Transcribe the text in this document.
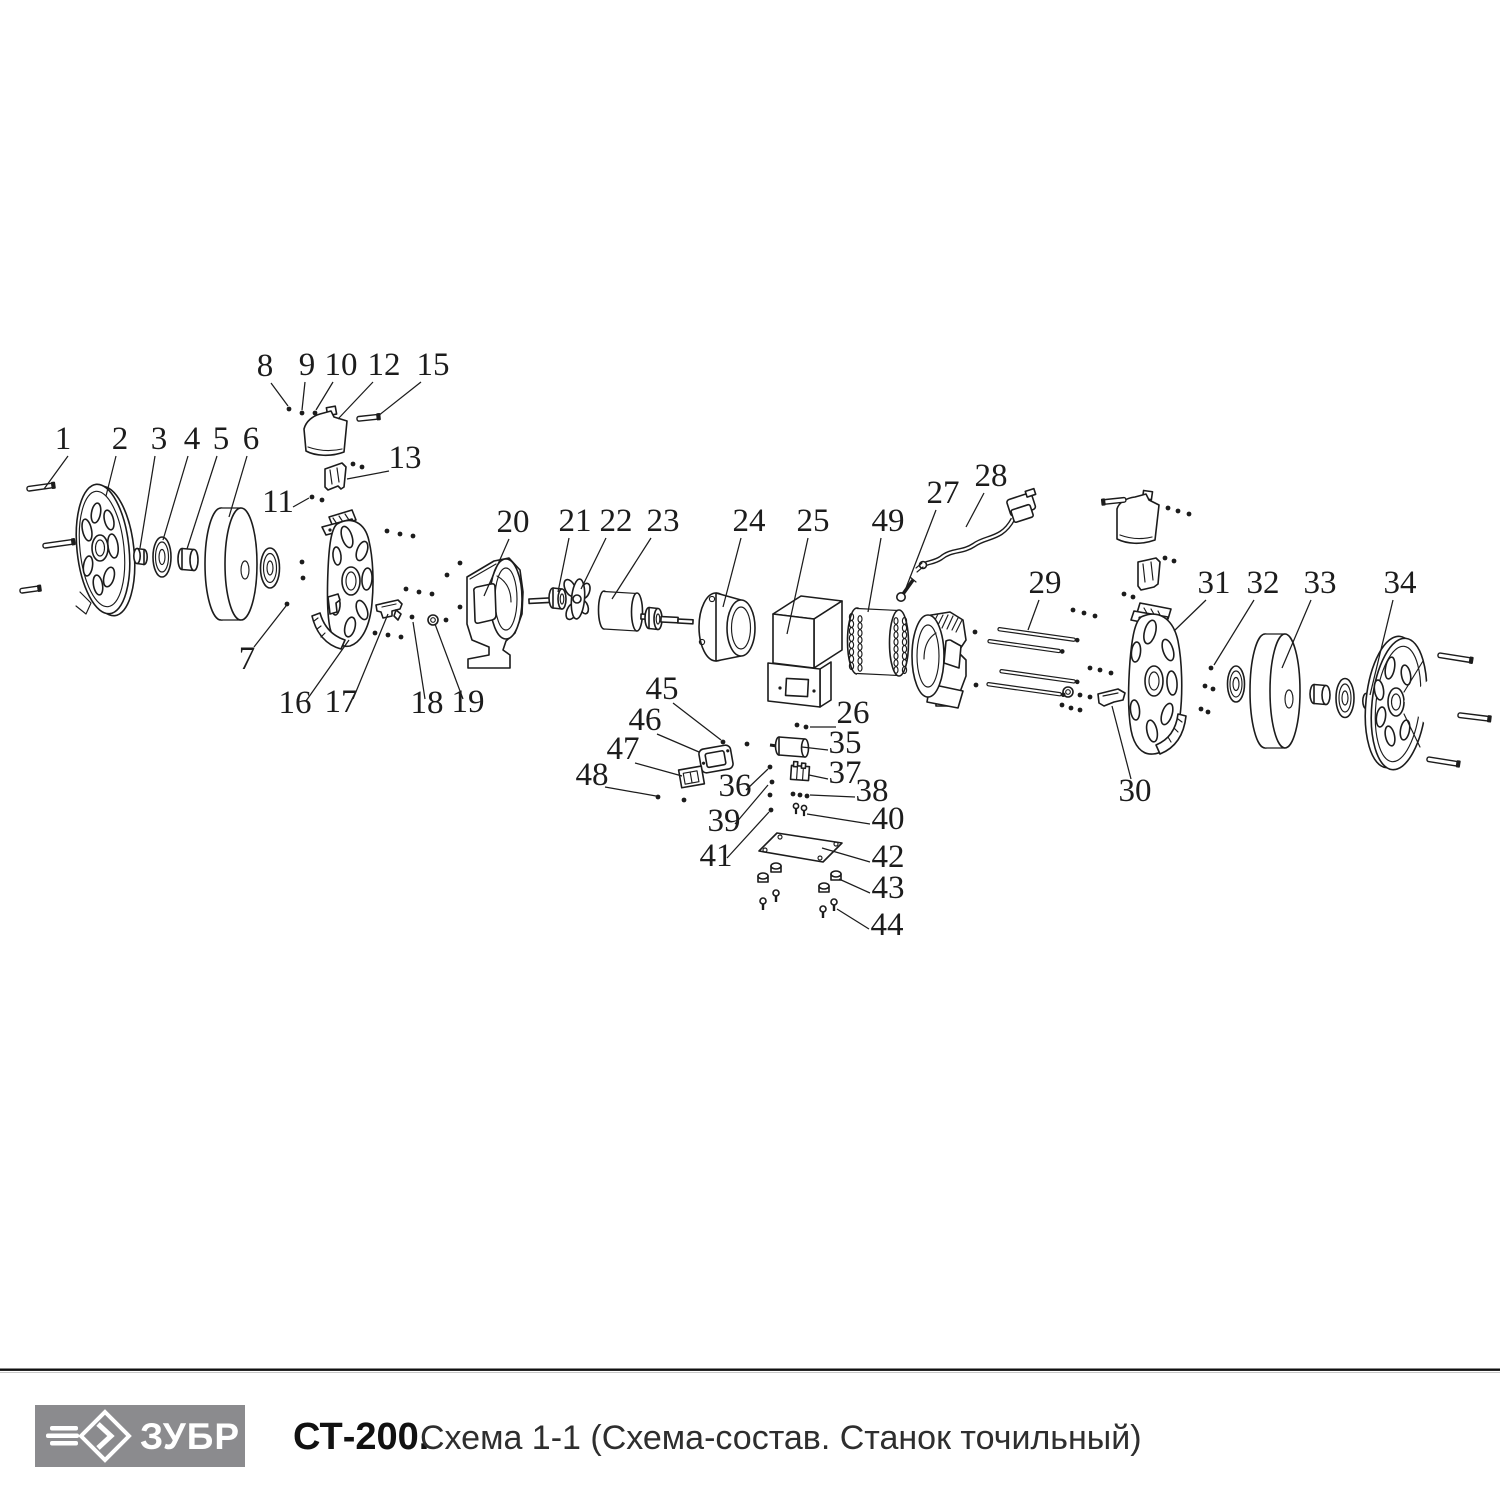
1 2 3 4 5 6
7
8 9 10
11
12
13
15
16 17 18 19
20 21 22 23 24 25 49
27 28
29
30
31 32 33 34
26
35
36 37
38
39	40
41	42
43
44
45
46
47
48
ЗУБР СТ-200.
Схема 1-1 (Схема-состав. Станок точильный)
